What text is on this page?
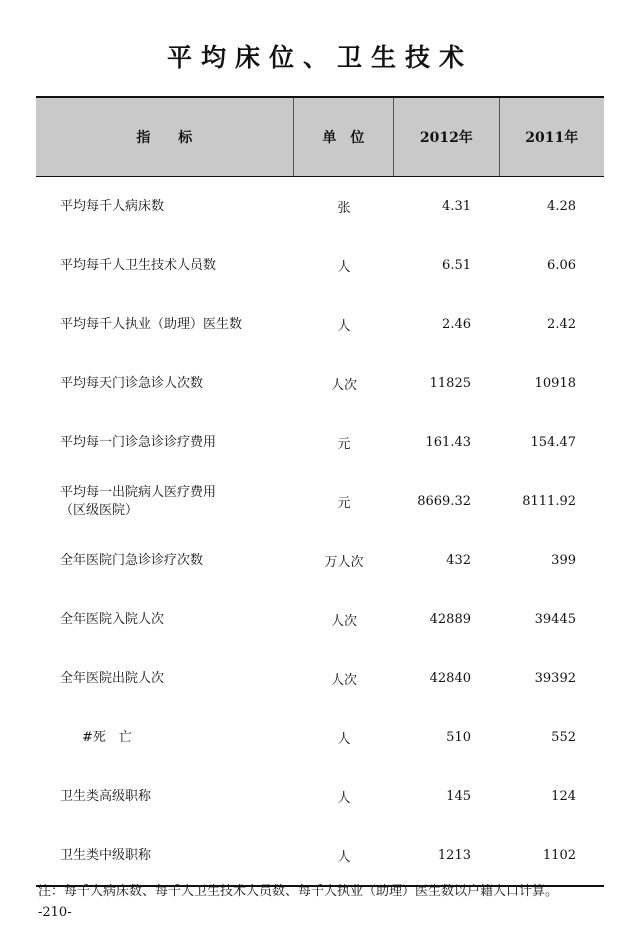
平均床位、卫生技术
指　　标	单　位	2012年	2011年
平均每千人病床数	张	4.31	4.28
平均每千人卫生技术人员数	人	6.51	6.06
平均每千人执业（助理）医生数	人	2.46	2.42
平均每天门诊急诊人次数	人次	11825	10918
平均每一门诊急诊诊疗费用	元	161.43	154.47
平均每一出院病人医疗费用
（区级医院）	元	8669.32	8111.92
全年医院门急诊诊疗次数	万人次	432	399
全年医院入院人次	人次	42889	39445
全年医院出院人次	人次	42840	39392
#死　亡	人	510	552
卫生类高级职称	人	145	124
卫生类中级职称	人	1213	1102
注：每千人病床数、每千人卫生技术人员数、每千人执业（助理）医生数以户籍人口计算。
-210-
